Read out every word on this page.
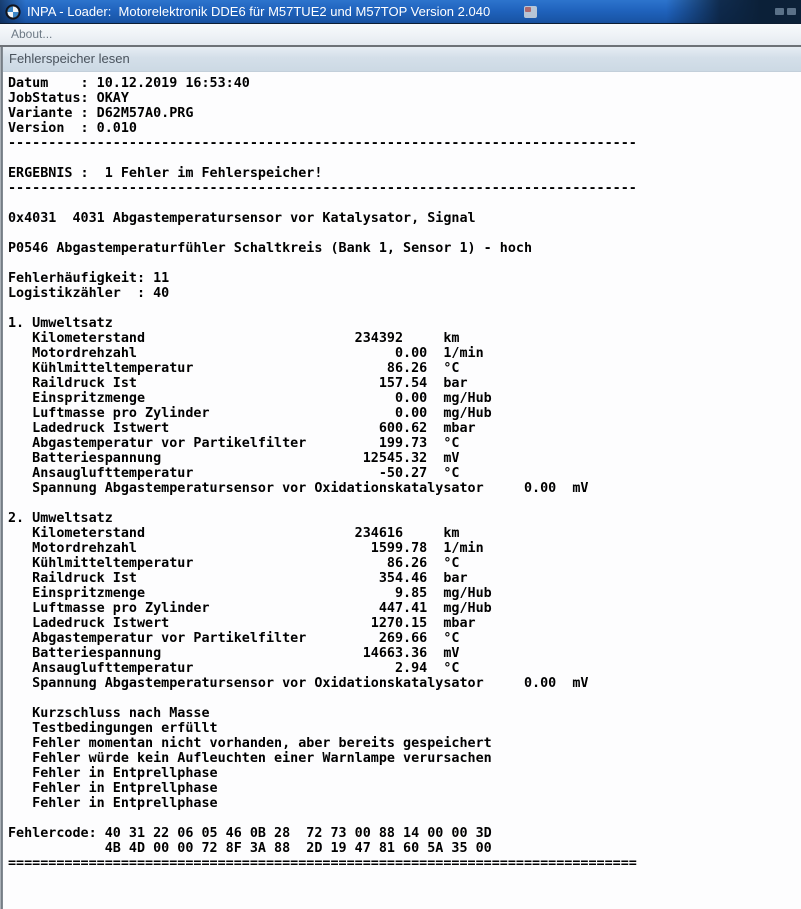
INPA - Loader:  Motorelektronik DDE6 für M57TUE2 und M57TOP Version 2.040
About...
Fehlerspeicher lesen
Datum    : 10.12.2019 16:53:40
JobStatus: OKAY
Variante : D62M57A0.PRG
Version  : 0.010
------------------------------------------------------------------------------

ERGEBNIS :  1 Fehler im Fehlerspeicher!
------------------------------------------------------------------------------

0x4031  4031 Abgastemperatursensor vor Katalysator, Signal

P0546 Abgastemperaturfühler Schaltkreis (Bank 1, Sensor 1) - hoch

Fehlerhäufigkeit: 11
Logistikzähler  : 40

1. Umweltsatz
Kilometerstand                          234392     km
Motordrehzahl                                0.00  1/min
Kühlmitteltemperatur                        86.26  °C
Raildruck Ist                              157.54  bar
Einspritzmenge                               0.00  mg/Hub
Luftmasse pro Zylinder                       0.00  mg/Hub
Ladedruck Istwert                          600.62  mbar
Abgastemperatur vor Partikelfilter         199.73  °C
Batteriespannung                         12545.32  mV
Ansauglufttemperatur                       -50.27  °C
Spannung Abgastemperatursensor vor Oxidationskatalysator     0.00  mV

2. Umweltsatz
Kilometerstand                          234616     km
Motordrehzahl                             1599.78  1/min
Kühlmitteltemperatur                        86.26  °C
Raildruck Ist                              354.46  bar
Einspritzmenge                               9.85  mg/Hub
Luftmasse pro Zylinder                     447.41  mg/Hub
Ladedruck Istwert                         1270.15  mbar
Abgastemperatur vor Partikelfilter         269.66  °C
Batteriespannung                         14663.36  mV
Ansauglufttemperatur                         2.94  °C
Spannung Abgastemperatursensor vor Oxidationskatalysator     0.00  mV

Kurzschluss nach Masse
Testbedingungen erfüllt
Fehler momentan nicht vorhanden, aber bereits gespeichert
Fehler würde kein Aufleuchten einer Warnlampe verursachen
Fehler in Entprellphase
Fehler in Entprellphase
Fehler in Entprellphase

Fehlercode: 40 31 22 06 05 46 0B 28  72 73 00 88 14 00 00 3D
4B 4D 00 00 72 8F 3A 88  2D 19 47 81 60 5A 35 00
==============================================================================
